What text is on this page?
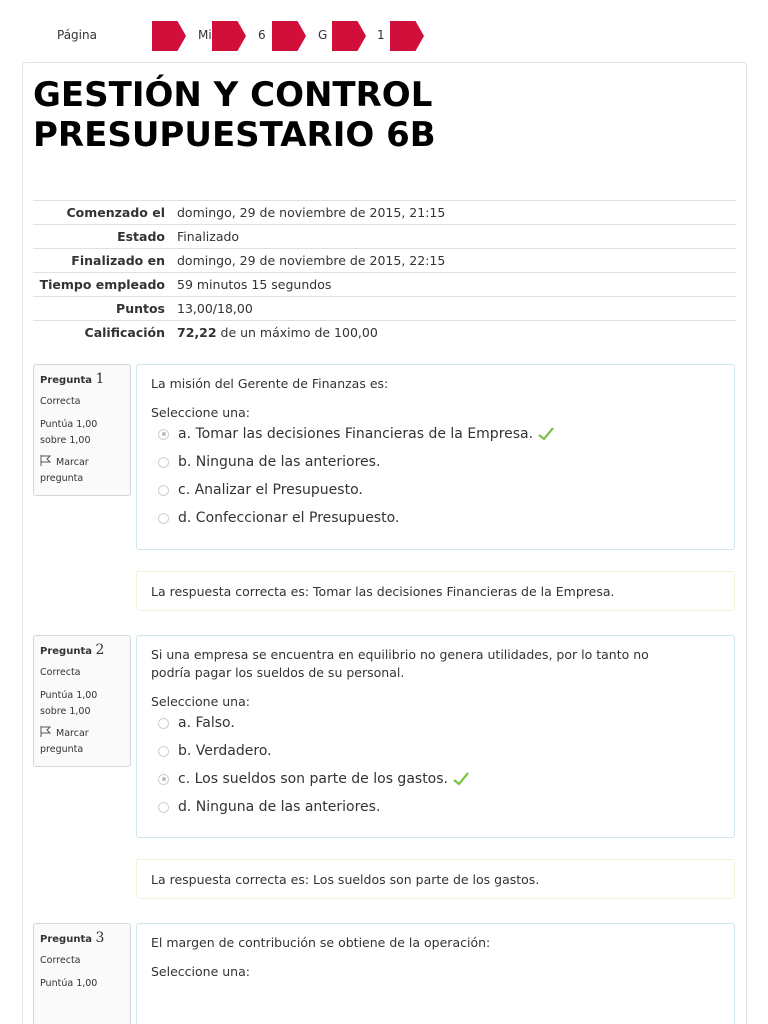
Página	Mi	6	G	1
GESTIÓN Y CONTROL PRESUPUESTARIO 6B
Comenzado el domingo, 29 de noviembre de 2015, 21:15
Estado Finalizado
Finalizado en domingo, 29 de noviembre de 2015, 22:15
Tiempo empleado 59 minutos 15 segundos
Puntos 13,00/18,00
Calificación 72,22 de un máximo de 100,00
Pregunta 1
Correcta
Puntúa 1,00 sobre 1,00
Marcar pregunta
La misión del Gerente de Finanzas es:
Seleccione una:
a. Tomar las decisiones Financieras de la Empresa.
b. Ninguna de las anteriores.
c. Analizar el Presupuesto.
d. Confeccionar el Presupuesto.
La respuesta correcta es: Tomar las decisiones Financieras de la Empresa.
Pregunta 2
Correcta
Puntúa 1,00 sobre 1,00
Marcar pregunta
Si una empresa se encuentra en equilibrio no genera utilidades, por lo tanto no podría pagar los sueldos de su personal.
Seleccione una:
a. Falso.
b. Verdadero.
c. Los sueldos son parte de los gastos.
d. Ninguna de las anteriores.
La respuesta correcta es: Los sueldos son parte de los gastos.
Pregunta 3
Correcta
Puntúa 1,00
El margen de contribución se obtiene de la operación:
Seleccione una:
